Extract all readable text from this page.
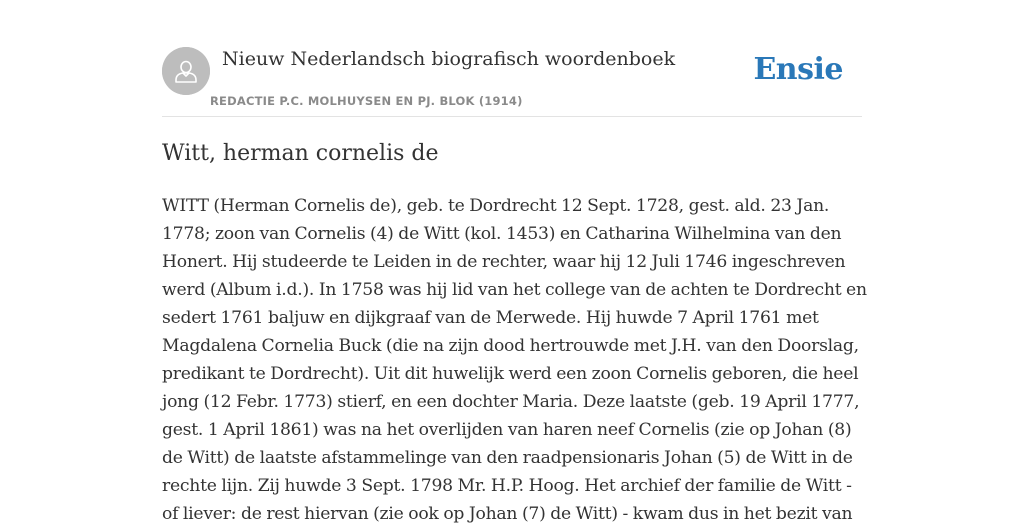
Nieuw Nederlandsch biografisch woordenboek
REDACTIE P.C. MOLHUYSEN EN PJ. BLOK (1914)
Ensie
Witt, herman cornelis de

WITT (Herman Cornelis de), geb. te Dordrecht 12 Sept. 1728, gest. ald. 23 Jan.
1778; zoon van Cornelis (4) de Witt (kol. 1453) en Catharina Wilhelmina van den
Honert. Hij studeerde te Leiden in de rechter, waar hij 12 Juli 1746 ingeschreven
werd (Album i.d.). In 1758 was hij lid van het college van de achten te Dordrecht en
sedert 1761 baljuw en dijkgraaf van de Merwede. Hij huwde 7 April 1761 met
Magdalena Cornelia Buck (die na zijn dood hertrouwde met J.H. van den Doorslag,
predikant te Dordrecht). Uit dit huwelijk werd een zoon Cornelis geboren, die heel
jong (12 Febr. 1773) stierf, en een dochter Maria. Deze laatste (geb. 19 April 1777,
gest. 1 April 1861) was na het overlijden van haren neef Cornelis (zie op Johan (8)
de Witt) de laatste afstammelinge van den raadpensionaris Johan (5) de Witt in de
rechte lijn. Zij huwde 3 Sept. 1798 Mr. H.P. Hoog. Het archief der familie de Witt -
of liever: de rest hiervan (zie ook op Johan (7) de Witt) - kwam dus in het bezit van
